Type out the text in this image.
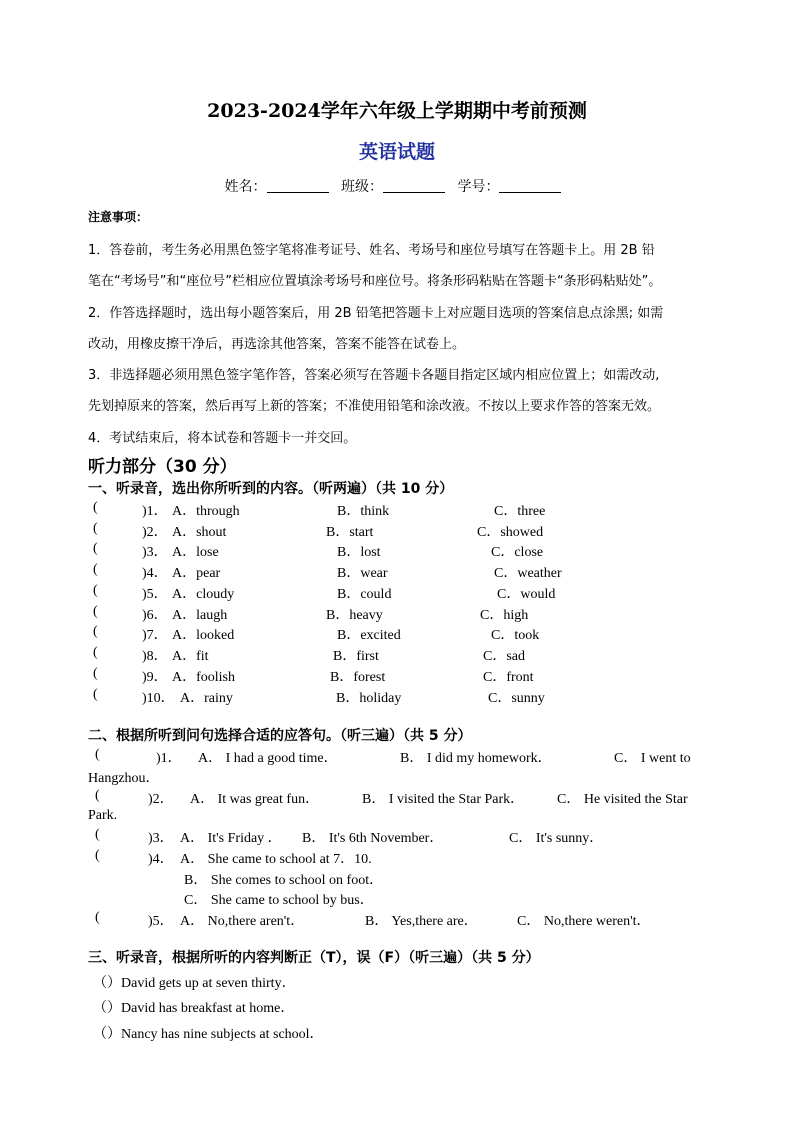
2023-2024学年六年级上学期期中考前预测
英语试题
姓名：	班级：	学号：
注意事项：
1．答卷前，考生务必用黑色签字笔将准考证号、姓名、考场号和座位号填写在答题卡上。用 2B 铅
笔在“考场号”和“座位号”栏相应位置填涂考场号和座位号。将条形码粘贴在答题卡“条形码粘贴处”。
2．作答选择题时，选出每小题答案后，用 2B 铅笔把答题卡上对应题目选项的答案信息点涂黑; 如需
改动，用橡皮擦干净后，再选涂其他答案，答案不能答在试卷上。
3．非选择题必须用黑色签字笔作答，答案必须写在答题卡各题目指定区域内相应位置上；如需改动,
先划掉原来的答案，然后再写上新的答案；不准使用铅笔和涂改液。不按以上要求作答的答案无效。
4．考试结束后，将本试卷和答题卡一并交回。
听力部分（30 分）
一、听录音，选出你所听到的内容。（听两遍）（共 10 分）
(	)1． A．through	B．think	C．three
(	)2． A．shout	B．start	C．showed
(	)3． A．lose	B．lost	C．close
(	)4． A．pear	B．wear	C．weather
(	)5． A．cloudy	B．could	C．would
(	)6． A．laugh	B．heavy	C．high
(	)7． A．looked	B．excited	C．took
(	)8． A．fit	B．first	C．sad
(	)9． A．foolish	B．forest	C．front
(	)10． A．rainy	B．holiday	C．sunny
二、根据所听到问句选择合适的应答句。（听三遍）（共 5 分）
(	)1． A． I had a good time．	B． I did my homework．	C． I went to
Hangzhou．
(	)2． A． It was great fun．	B． I visited the Star Park． C． He visited the Star
Park.
(	)3． A． It's Friday ． B． It's 6th November．	C． It's sunny．
(	)4． A． She came to school at 7．10.
B． She comes to school on foot．
C． She came to school by bus．
(	)5． A． No,there aren't．	B． Yes,there are．	C． No,there weren't．
三、听录音，根据所听的内容判断正（T），误（F）（听三遍）（共 5 分）
（）David gets up at seven thirty．
（）David has breakfast at home．
（）Nancy has nine subjects at school．
